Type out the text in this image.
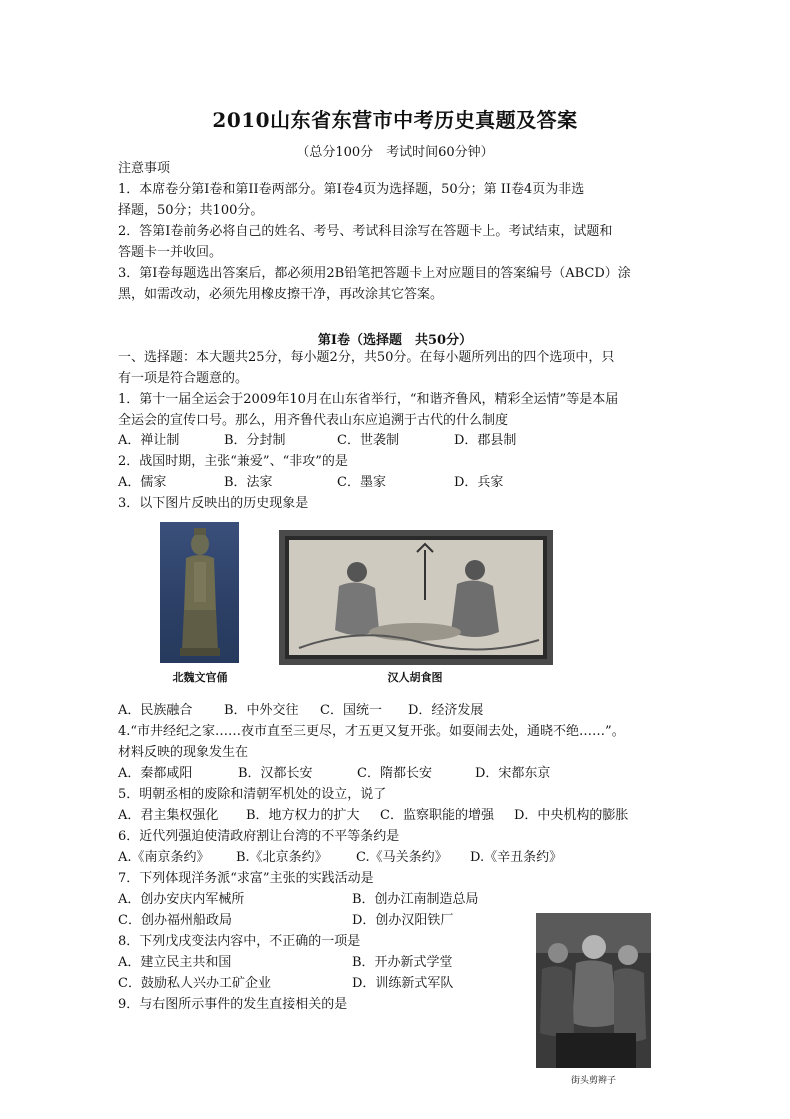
2010山东省东营市中考历史真题及答案
（总分100分　考试时间60分钟）
注意事项
1．本席卷分第Ⅰ卷和第II卷两部分。第Ⅰ卷4页为选择题，50分；第 II卷4页为非选
择题，50分；共100分。
2．答第Ⅰ卷前务必将自己的姓名、考号、考试科目涂写在答题卡上。考试结束，试题和
答题卡一并收回。
3．第Ⅰ卷每题选出答案后，都必须用2B铅笔把答题卡上对应题目的答案编号（ABCD）涂
黑，如需改动，必须先用橡皮擦干净，再改涂其它答案。
第Ⅰ卷（选择题　共50分）
一、选择题：本大题共25分，每小题2分，共50分。在每小题所列出的四个选项中，只
有一项是符合题意的。
1．第十一届全运会于2009年10月在山东省举行，“和谐齐鲁风，精彩全运情”等是本届
全运会的宣传口号。那么，用齐鲁代表山东应追溯于古代的什么制度
A．禅让制	B．分封制	C．世袭制	D．郡县制
2．战国时期，主张“兼爱”、“非攻”的是
A．儒家	B．法家	C．墨家	D．兵家
3．以下图片反映出的历史现象是
北魏文官俑	汉人胡食图
A．民族融合 B．中外交往 C．国统一 D．经济发展
4.“市井经纪之家……夜市直至三更尽，才五更又复开张。如耍闹去处，通晓不绝……”。
材料反映的现象发生在
A．秦都咸阳	B．汉都长安	C．隋都长安	D．宋都东京
5．明朝丞相的废除和清朝军机处的设立，说了
A．君主集权强化 B．地方权力的扩大 C．监察职能的增强 D．中央机构的膨胀
6．近代列强迫使清政府割让台湾的不平等条约是
A.《南京条约》 B.《北京条约》 C.《马关条约》 D.《辛丑条约》
7．下列体现洋务派“求富”主张的实践活动是
A．创办安庆内军械所	B．创办江南制造总局
C．创办福州船政局	D．创办汉阳铁厂
8．下列戊戌变法内容中，不正确的一项是
A．建立民主共和国	B．开办新式学堂
C．鼓励私人兴办工矿企业	D．训练新式军队
9．与右图所示事件的发生直接相关的是
街头剪辫子
